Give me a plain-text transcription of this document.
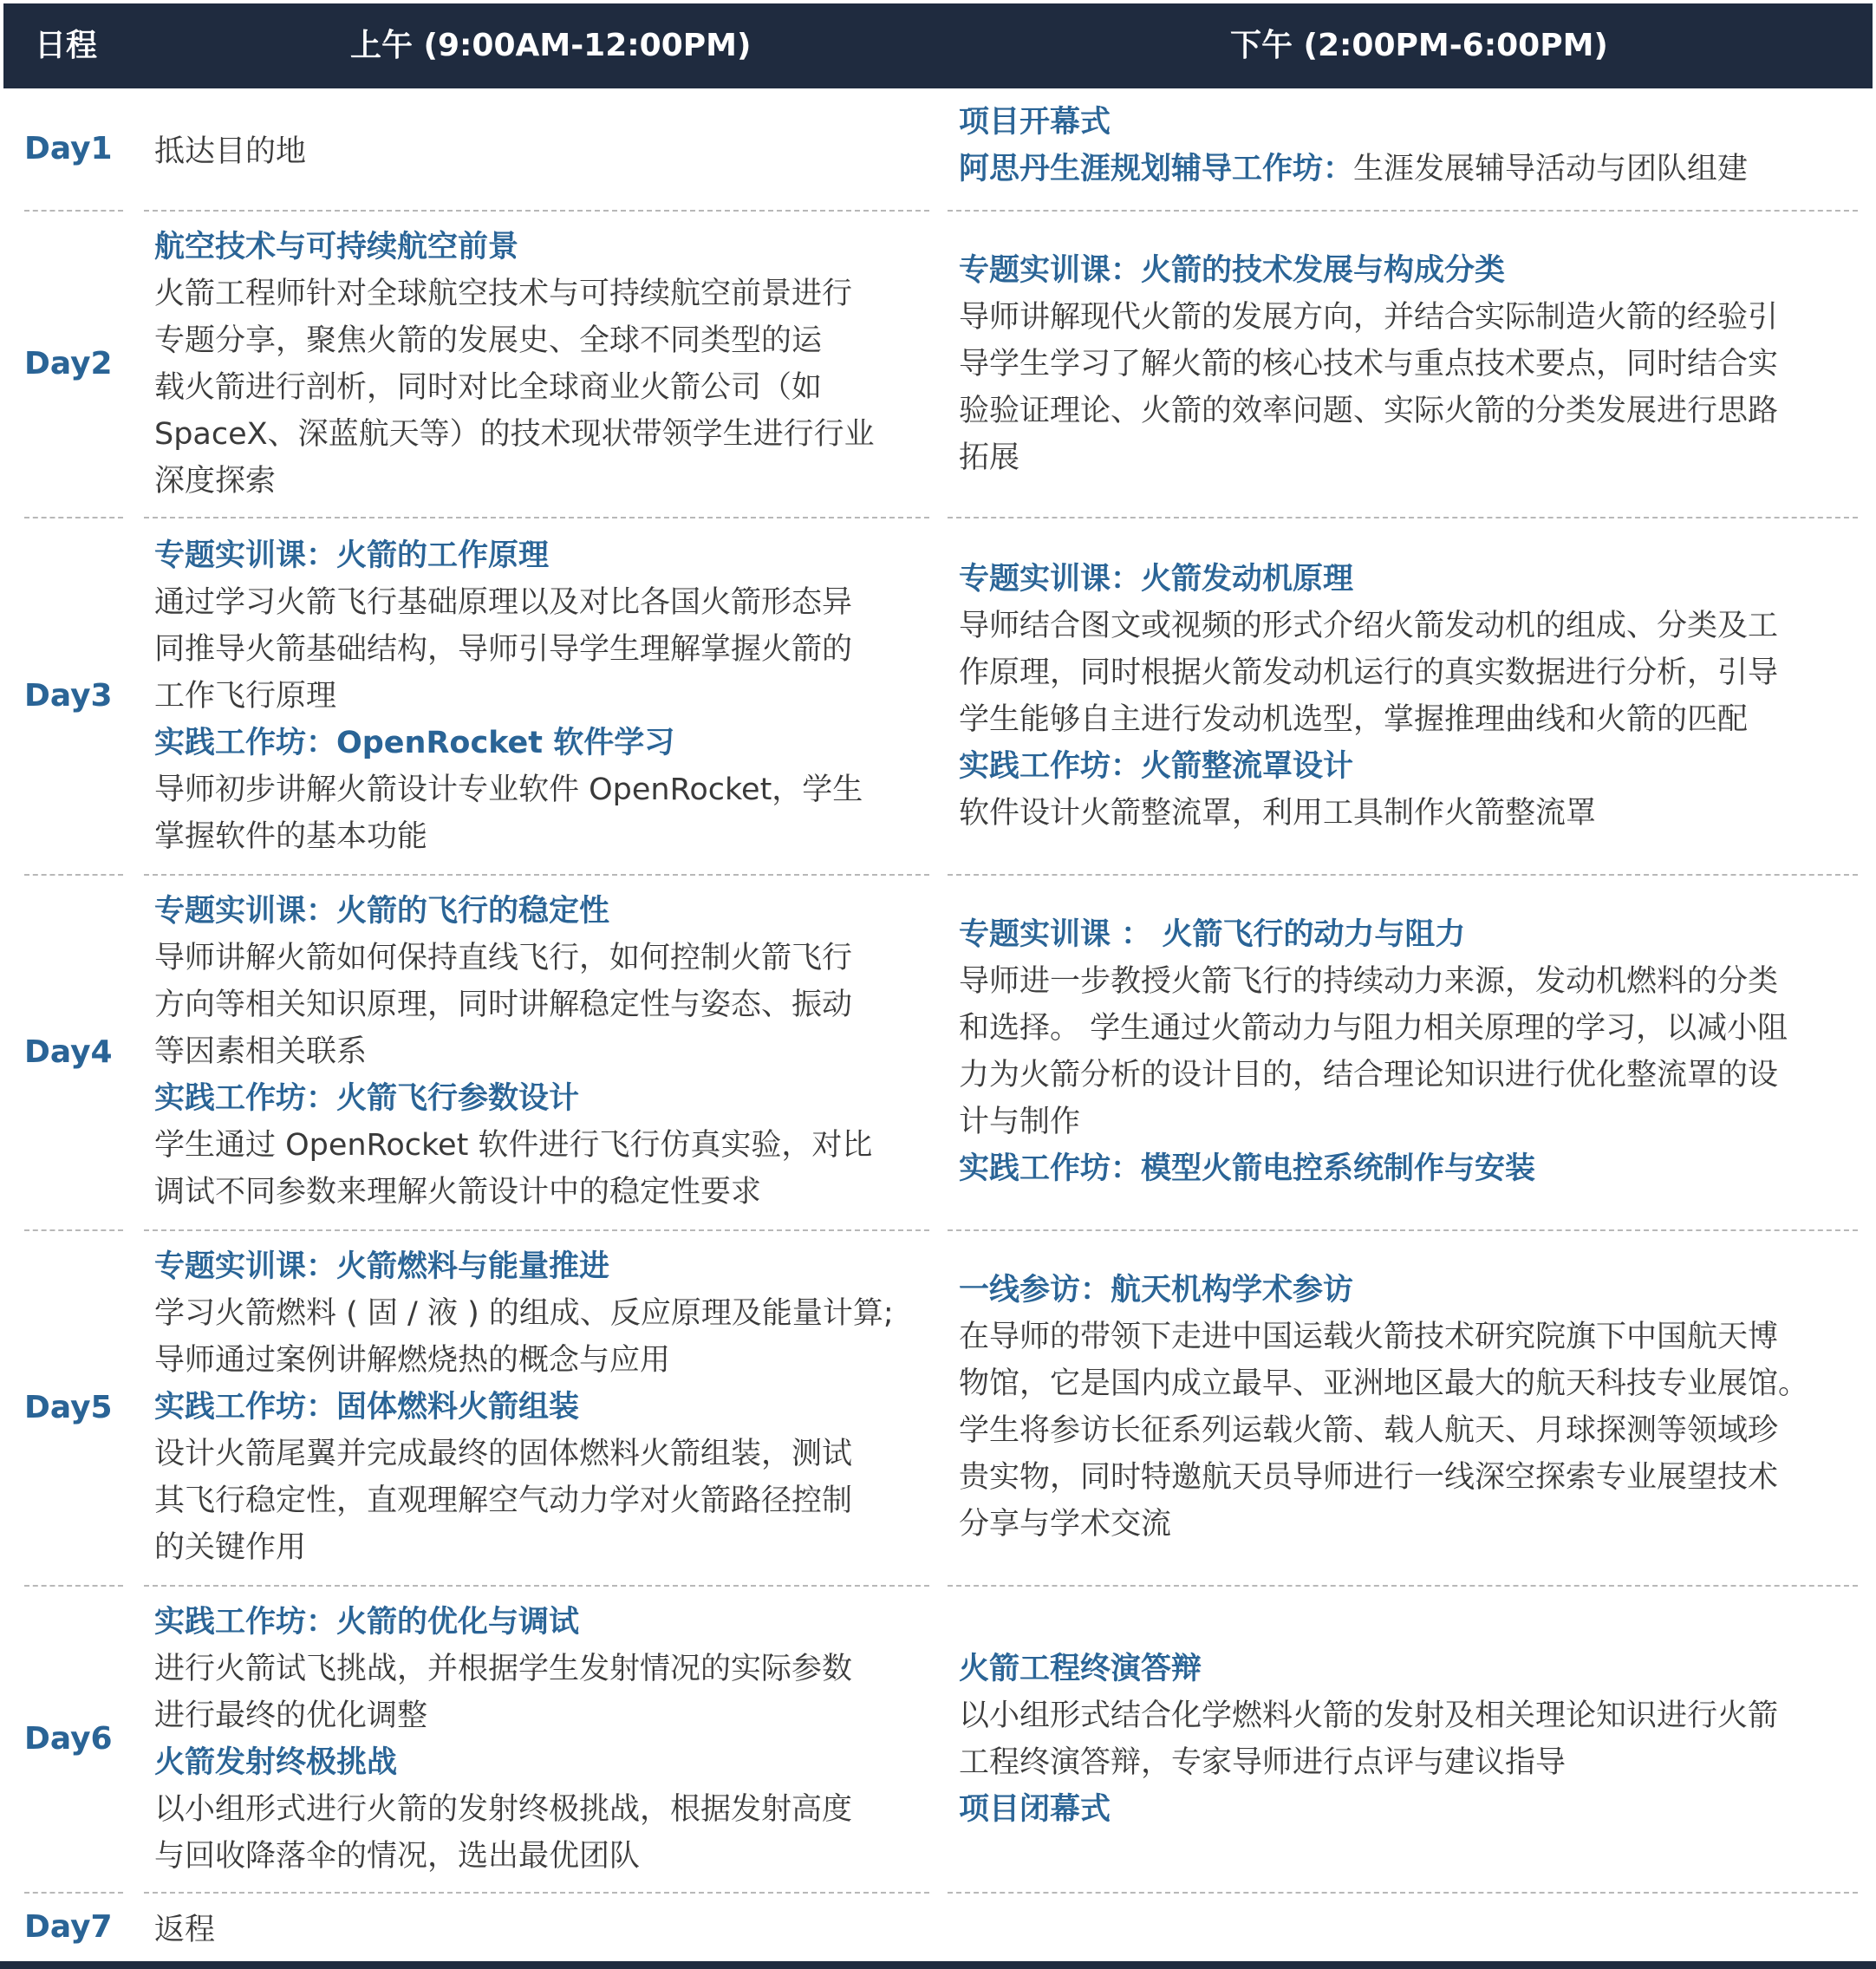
日程	上午 (9:00AM-12:00PM)	下午 (2:00PM-6:00PM)
Day1 抵达目的地
项目开幕式
阿思丹生涯规划辅导工作坊：生涯发展辅导活动与团队组建
Day2
航空技术与可持续航空前景
火箭工程师针对全球航空技术与可持续航空前景进行
专题分享，聚焦火箭的发展史、全球不同类型的运
载火箭进行剖析，同时对比全球商业火箭公司（如
SpaceX、深蓝航天等）的技术现状带领学生进行行业
深度探索
专题实训课：火箭的技术发展与构成分类
导师讲解现代火箭的发展方向，并结合实际制造火箭的经验引
导学生学习了解火箭的核心技术与重点技术要点，同时结合实
验验证理论、火箭的效率问题、实际火箭的分类发展进行思路
拓展
Day3
专题实训课：火箭的工作原理
通过学习火箭飞行基础原理以及对比各国火箭形态异
同推导火箭基础结构，导师引导学生理解掌握火箭的
工作飞行原理
实践工作坊：OpenRocket 软件学习
导师初步讲解火箭设计专业软件 OpenRocket，学生
掌握软件的基本功能
专题实训课：火箭发动机原理
导师结合图文或视频的形式介绍火箭发动机的组成、分类及工
作原理，同时根据火箭发动机运行的真实数据进行分析，引导
学生能够自主进行发动机选型，掌握推理曲线和火箭的匹配
实践工作坊：火箭整流罩设计
软件设计火箭整流罩，利用工具制作火箭整流罩
Day4
专题实训课：火箭的飞行的稳定性
导师讲解火箭如何保持直线飞行，如何控制火箭飞行
方向等相关知识原理，同时讲解稳定性与姿态、振动
等因素相关联系
实践工作坊：火箭飞行参数设计
学生通过 OpenRocket 软件进行飞行仿真实验，对比
调试不同参数来理解火箭设计中的稳定性要求
专题实训课 ： 火箭飞行的动力与阻力
导师进一步教授火箭飞行的持续动力来源，发动机燃料的分类
和选择。 学生通过火箭动力与阻力相关原理的学习，以减小阻
力为火箭分析的设计目的，结合理论知识进行优化整流罩的设
计与制作
实践工作坊：模型火箭电控系统制作与安装
Day5
专题实训课：火箭燃料与能量推进
学习火箭燃料 ( 固 / 液 ) 的组成、反应原理及能量计算;
导师通过案例讲解燃烧热的概念与应用
实践工作坊：固体燃料火箭组装
设计火箭尾翼并完成最终的固体燃料火箭组装，测试
其飞行稳定性，直观理解空气动力学对火箭路径控制
的关键作用
一线参访：航天机构学术参访
在导师的带领下走进中国运载火箭技术研究院旗下中国航天博
物馆，它是国内成立最早、亚洲地区最大的航天科技专业展馆。
学生将参访长征系列运载火箭、载人航天、月球探测等领域珍
贵实物，同时特邀航天员导师进行一线深空探索专业展望技术
分享与学术交流
Day6
实践工作坊：火箭的优化与调试
进行火箭试飞挑战，并根据学生发射情况的实际参数
进行最终的优化调整
火箭发射终极挑战
以小组形式进行火箭的发射终极挑战，根据发射高度
与回收降落伞的情况，选出最优团队
火箭工程终演答辩
以小组形式结合化学燃料火箭的发射及相关理论知识进行火箭
工程终演答辩，专家导师进行点评与建议指导
项目闭幕式
Day7 返程
